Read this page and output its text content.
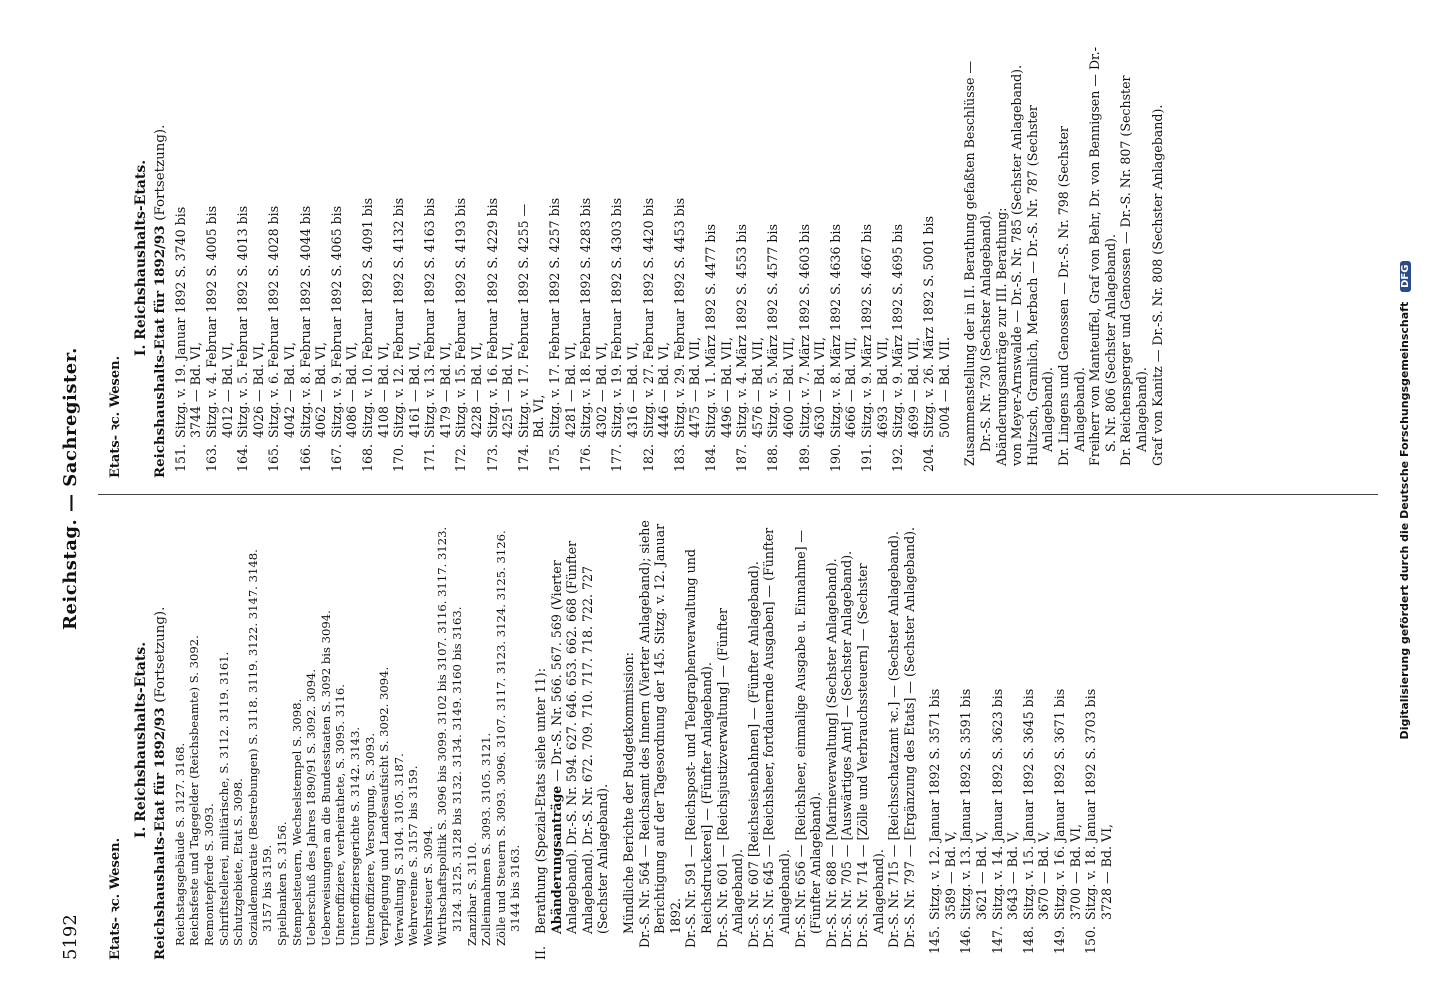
5192
Reichstag. — Sachregister.
Etats- ꝛc. Wesen.
I. Reichshaushalts-Etats. Reichshaushalts-Etat für 1892/93 (Fortsetzung).
Reichstagsgebäude S. 3127. 3168. Reichsfeste und Tagegelder (Reichsbeamte) S. 3092. Remontepferde S. 3093. Schriftstellerei, militärische, S. 3112. 3119. 3161. Schutzgebiete, Etat S. 3098. Sozialdemokratie (Bestrebungen) S. 3118. 3119. 3122. 3147. 3148. 3157 bis 3159. Spielbanken S. 3156. Stempelsteuern, Wechselstempel S. 3098. Ueberschuß des Jahres 1890/91 S. 3092. 3094. Ueberweisungen an die Bundesstaaten S. 3092 bis 3094. Unteroffiziere, verheirathete, S. 3095. 3116. Unteroffiziersgerichte S. 3142. 3143. Unteroffiziere, Versorgung, S. 3093. Verpflegung und Landesaufsicht S. 3092. 3094. Verwaltung S. 3104. 3105. 3187. Wehrvereine S. 3157 bis 3159. Wehrsteuer S. 3094. Wirthschaftspolitik S. 3096 bis 3099. 3102 bis 3107. 3116. 3117. 3123. 3124. 3125. 3128 bis 3132. 3134. 3149. 3160 bis 3163. Zanzibar S. 3110. Zolleinnahmen S. 3093. 3105. 3121. Zölle und Steuern S. 3093. 3096. 3107. 3117. 3123. 3124. 3125. 3126. 3144 bis 3163.
II.
Berathung (Spezial-Etats siehe unter 11): Abänderungsanträge — Dr.-S. Nr. 566. 567. 569 (Vierter Anlageband). Dr.-S. Nr. 594. 627. 646. 653. 662. 668 (Fünfter Anlageband). Dr.-S. Nr. 672. 709. 710. 717. 718. 722. 727 (Sechster Anlageband). Mündliche Berichte der Budgetkommission: Dr.-S. Nr. 564 — Reichsamt des Innern (Vierter Anlageband); siehe Berichtigung auf der Tagesordnung der 145. Sitzg. v. 12. Januar 1892. Dr.-S. Nr. 591 — [Reichspost- und Telegraphenverwaltung und Reichsdruckerei] — (Fünfter Anlageband). Dr.-S. Nr. 601 — [Reichsjustizverwaltung] — (Fünfter Anlageband). Dr.-S. Nr. 607 [Reichseisenbahnen] — (Fünfter Anlageband). Dr.-S. Nr. 645 — [Reichsheer, fortdauernde Ausgaben] — (Fünfter Anlageband). Dr.-S. Nr. 656 — [Reichsheer, einmalige Ausgabe u. Einnahme] — (Fünfter Anlageband). Dr.-S. Nr. 688 — [Marineverwaltung] (Sechster Anlageband). Dr.-S. Nr. 705 — [Auswärtiges Amt] — (Sechster Anlageband). Dr.-S. Nr. 714 — [Zölle und Verbrauchssteuern] — (Sechster Anlageband). Dr.-S. Nr. 715 — [Reichsschatzamt ꝛc.] — (Sechster Anlageband). Dr.-S. Nr. 797 — [Ergänzung des Etats] — (Sechster Anlageband). 145.
Sitzg. v. 12. Januar 1892 S. 3571 bis
3589 — Bd. V,
146.
Sitzg. v. 13. Januar 1892 S. 3591 bis
3621 — Bd. V,
147.
Sitzg. v. 14. Januar 1892 S. 3623 bis
3643 — Bd. V,
148.
Sitzg. v. 15. Januar 1892 S. 3645 bis
3670 — Bd. V,
149.
Sitzg. v. 16. Januar 1892 S. 3671 bis
3700 — Bd. VI,
150.
Sitzg. v. 18. Januar 1892 S. 3703 bis
3728 — Bd. VI,
Etats- ꝛc. Wesen.
I. Reichshaushalts-Etats. Reichshaushalts-Etat für 1892/93 (Fortsetzung).
151.
Sitzg. v. 19. Januar 1892 S. 3740 bis
3744 — Bd. VI,
163.
Sitzg. v. 4. Februar 1892 S. 4005 bis
4012 — Bd. VI,
164.
Sitzg. v. 5. Februar 1892 S. 4013 bis
4026 — Bd. VI,
165.
Sitzg. v. 6. Februar 1892 S. 4028 bis
4042 — Bd. VI,
166.
Sitzg. v. 8. Februar 1892 S. 4044 bis
4062 — Bd. VI,
167.
Sitzg. v. 9. Februar 1892 S. 4065 bis
4086 — Bd. VI,
168.
Sitzg. v. 10. Februar 1892 S. 4091 bis
4108 — Bd. VI,
170.
Sitzg. v. 12. Februar 1892 S. 4132 bis
4161 — Bd. VI,
171.
Sitzg. v. 13. Februar 1892 S. 4163 bis
4179 — Bd. VI,
172.
Sitzg. v. 15. Februar 1892 S. 4193 bis
4228 — Bd. VI,
173.
Sitzg. v. 16. Februar 1892 S. 4229 bis
4251 — Bd. VI,
174.
Sitzg. v. 17. Februar 1892 S. 4255 —
Bd. VI,
175.
Sitzg. v. 17. Februar 1892 S. 4257 bis
4281 — Bd. VI,
176.
Sitzg. v. 18. Februar 1892 S. 4283 bis
4302 — Bd. VI,
177.
Sitzg. v. 19. Februar 1892 S. 4303 bis
4316 — Bd. VI,
182.
Sitzg. v. 27. Februar 1892 S. 4420 bis
4446 — Bd. VI,
183.
Sitzg. v. 29. Februar 1892 S. 4453 bis
4475 — Bd. VII,
184.
Sitzg. v. 1. März 1892 S. 4477 bis
4496 — Bd. VII,
187.
Sitzg. v. 4. März 1892 S. 4553 bis
4576 — Bd. VII,
188.
Sitzg. v. 5. März 1892 S. 4577 bis
4600 — Bd. VII,
189.
Sitzg. v. 7. März 1892 S. 4603 bis
4630 — Bd. VII,
190.
Sitzg. v. 8. März 1892 S. 4636 bis
4666 — Bd. VII,
191.
Sitzg. v. 9. März 1892 S. 4667 bis
4693 — Bd. VII,
192.
Sitzg. v. 9. März 1892 S. 4695 bis
4699 — Bd. VII,
204.
Sitzg. v. 26. März 1892 S. 5001 bis
5004 — Bd. VII. Zusammenstellung der in II. Berathung gefaßten Beschlüsse — Dr.-S. Nr. 730 (Sechster Anlageband). Abänderungsanträge zur III. Berathung: von Meyer-Arnswalde — Dr.-S. Nr. 785 (Sechster Anlageband). Hultzsch, Gramlich, Merbach — Dr.-S. Nr. 787 (Sechster Anlageband). Dr. Lingens und Genossen — Dr.-S. Nr. 798 (Sechster Anlageband). Freiherr von Manteuffel, Graf von Behr, Dr. von Bennigsen — Dr.-S. Nr. 806 (Sechster Anlageband). Dr. Reichensperger und Genossen — Dr.-S. Nr. 807 (Sechster Anlageband). Graf von Kanitz — Dr.-S. Nr. 808 (Sechster Anlageband).
Digitalisierung gefördert durch die Deutsche Forschungsgemeinschaft DFG
